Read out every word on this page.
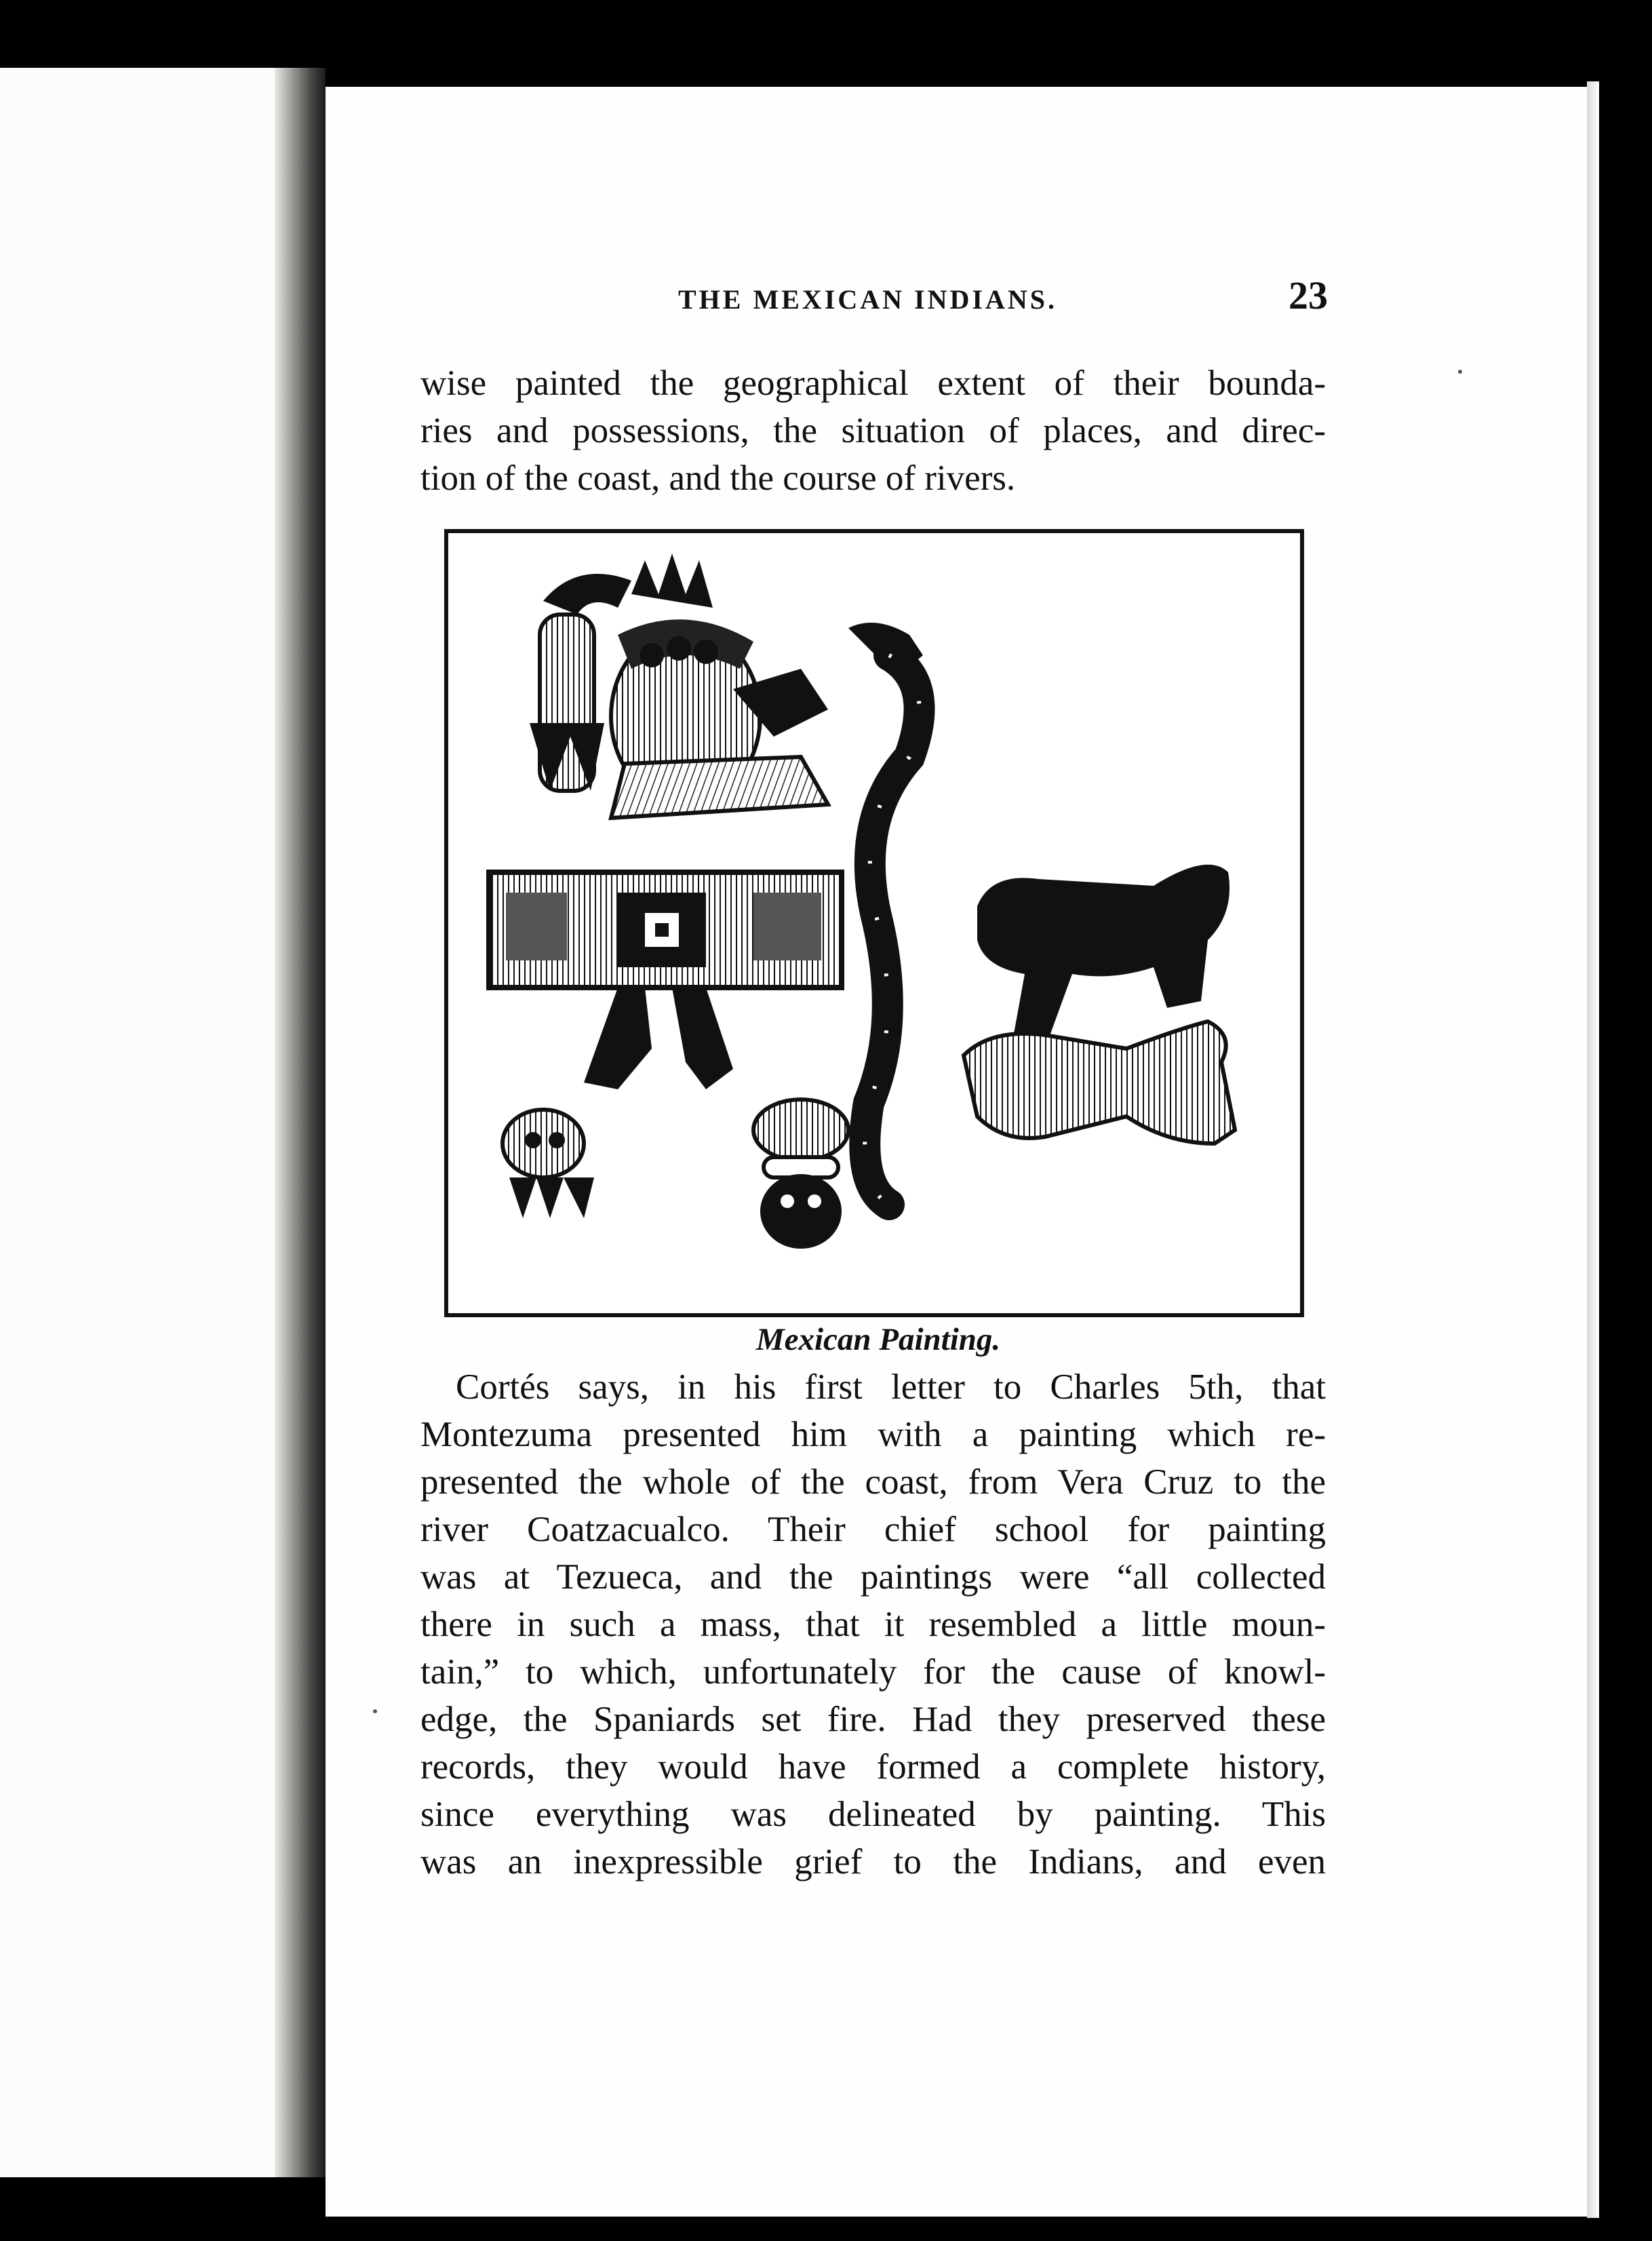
THE MEXICAN INDIANS.	23
wise painted the geographical extent of their bounda-
ries and possessions, the situation of places, and direc-
tion of the coast, and the course of rivers.
Mexican Painting.
Cortés says, in his first letter to Charles 5th, that
Montezuma presented him with a painting which re-
presented the whole of the coast, from Vera Cruz to the
river Coatzacualco. Their chief school for painting
was at Tezueca, and the paintings were “all collected
there in such a mass, that it resembled a little moun-
tain,” to which, unfortunately for the cause of knowl-
edge, the Spaniards set fire. Had they preserved these
records, they would have formed a complete history,
since everything was delineated by painting. This
was an inexpressible grief to the Indians, and even
